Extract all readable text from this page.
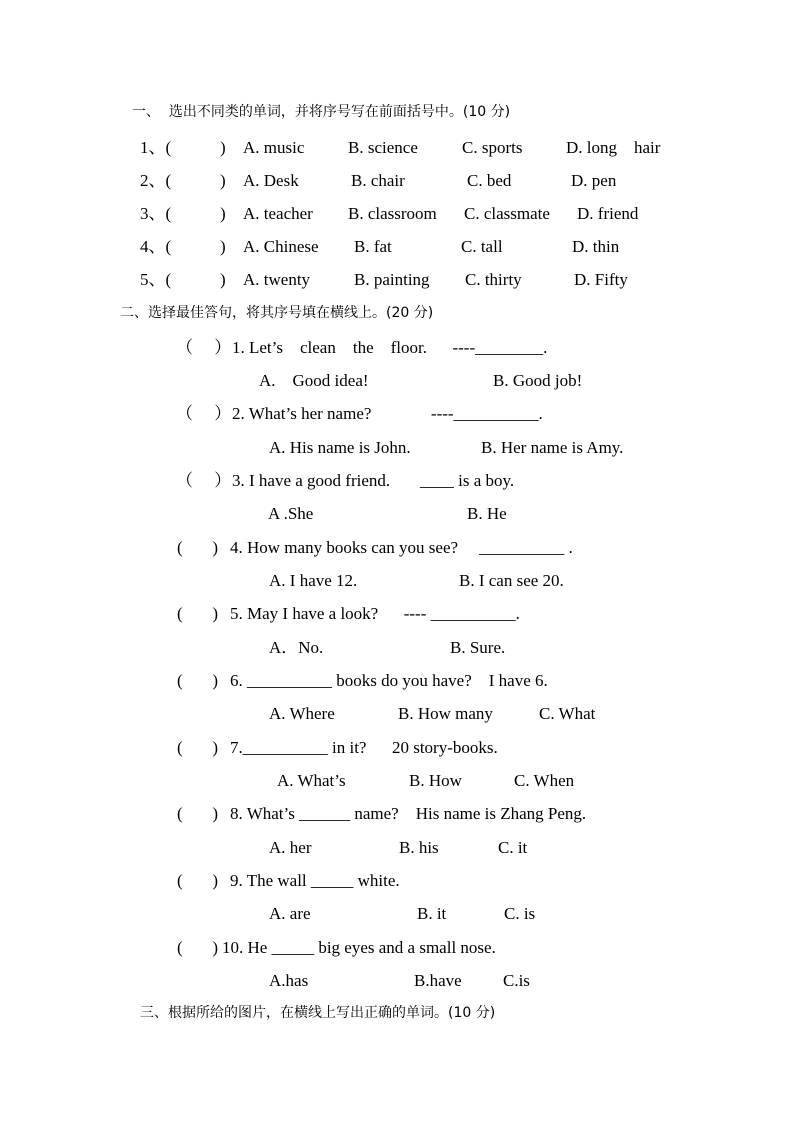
一、  选出不同类的单词，并将序号写在前面括号中。(10 分)
1、(	) A. music	B. science	C. sports	D. long    hair
2、(	) A. Desk	B. chair	C. bed	D. pen
3、(	) A. teacher B. classroom C. classmate D. friend
4、(	) A. Chinese B. fat	C. tall	D. thin
5、(	) A. twenty	B. painting C. thirty	D. Fifty
二、选择最佳答句，将其序号填在横线上。(20 分)
（     ） 1. Let’s    clean    the    floor.      ----________.
A.    Good idea!	B. Good job!
（     ） 2. What’s her name?              ----__________.
A. His name is John.	B. Her name is Amy.
（     ） 3. I have a good friend.       ____ is a boy.
A .She	B. He
(       ) 4. How many books can you see?     __________ .
A. I have 12.	B. I can see 20.
(       ) 5. May I have a look?      ---- __________.
A．No.	B. Sure.
(       ) 6. __________ books do you have?    I have 6.
A. Where	B. How many	C. What
(       ) 7.__________ in it?      20 story-books.
A. What’s	B. How	C. When
(       ) 8. What’s ______ name?    His name is Zhang Peng.
A. her	B. his	C. it
(       ) 9. The wall _____ white.
A. are	B. it	C. is
(       ) 10. He _____ big eyes and a small nose.
A.has	B.have C.is
三、根据所给的图片，在横线上写出正确的单词。(10 分)
